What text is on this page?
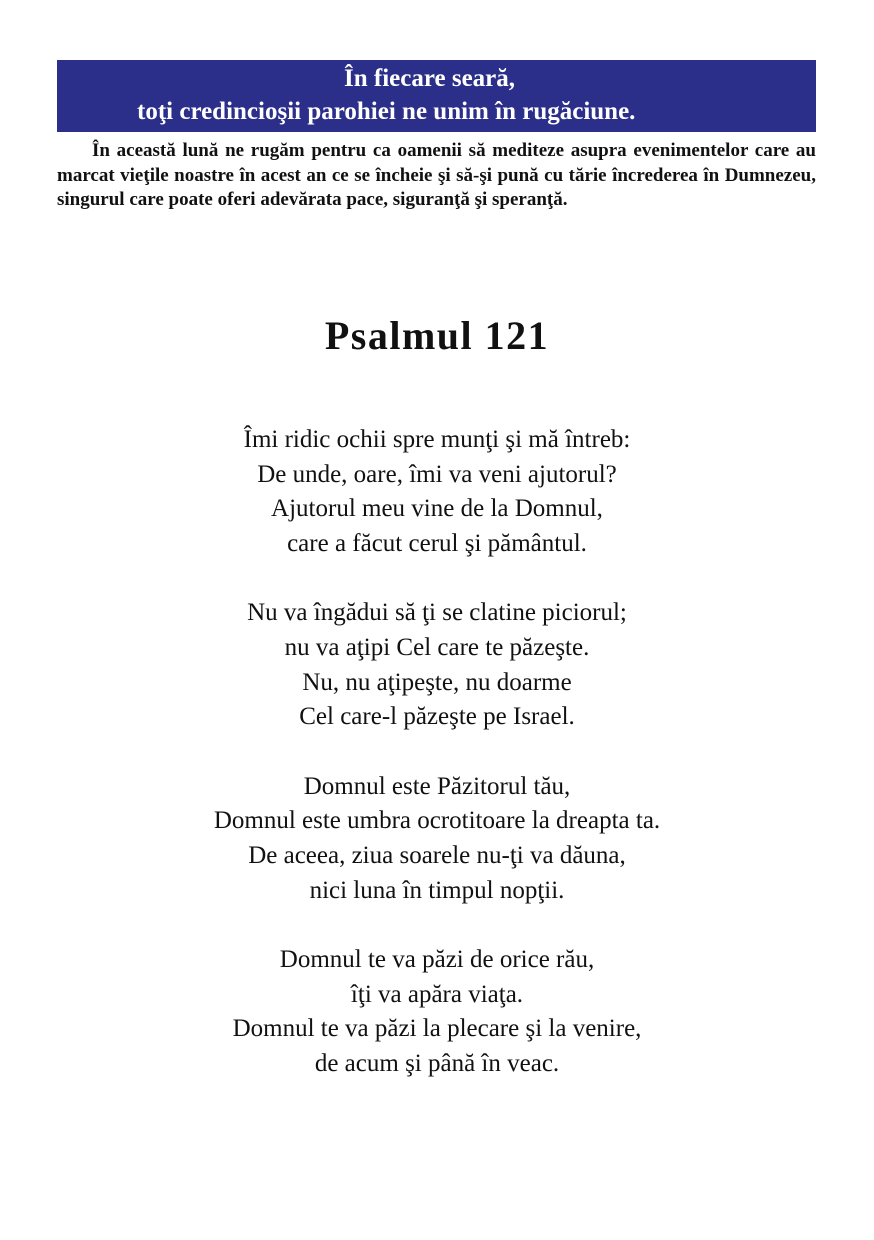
În fiecare seară,
toţi credincioşii parohiei ne unim în rugăciune.

În această lună ne rugăm pentru ca oamenii să mediteze asupra evenimentelor care au marcat vieţile noastre în acest an ce se încheie şi să-şi pună cu tărie încrederea în Dumnezeu, singurul care poate oferi adevărata pace, siguranţă şi speranţă.

Psalmul 121
Îmi ridic ochii spre munţi şi mă întreb:
De unde, oare, îmi va veni ajutorul?
Ajutorul meu vine de la Domnul,
care a făcut cerul şi pământul.
Nu va îngădui să ţi se clatine piciorul;
nu va aţipi Cel care te păzeşte.
Nu, nu aţipeşte, nu doarme
Cel care-l păzeşte pe Israel.
Domnul este Păzitorul tău,
Domnul este umbra ocrotitoare la dreapta ta.
De aceea, ziua soarele nu-ţi va dăuna,
nici luna în timpul nopţii.
Domnul te va păzi de orice rău,
îţi va apăra viaţa.
Domnul te va păzi la plecare şi la venire,
de acum şi până în veac.
